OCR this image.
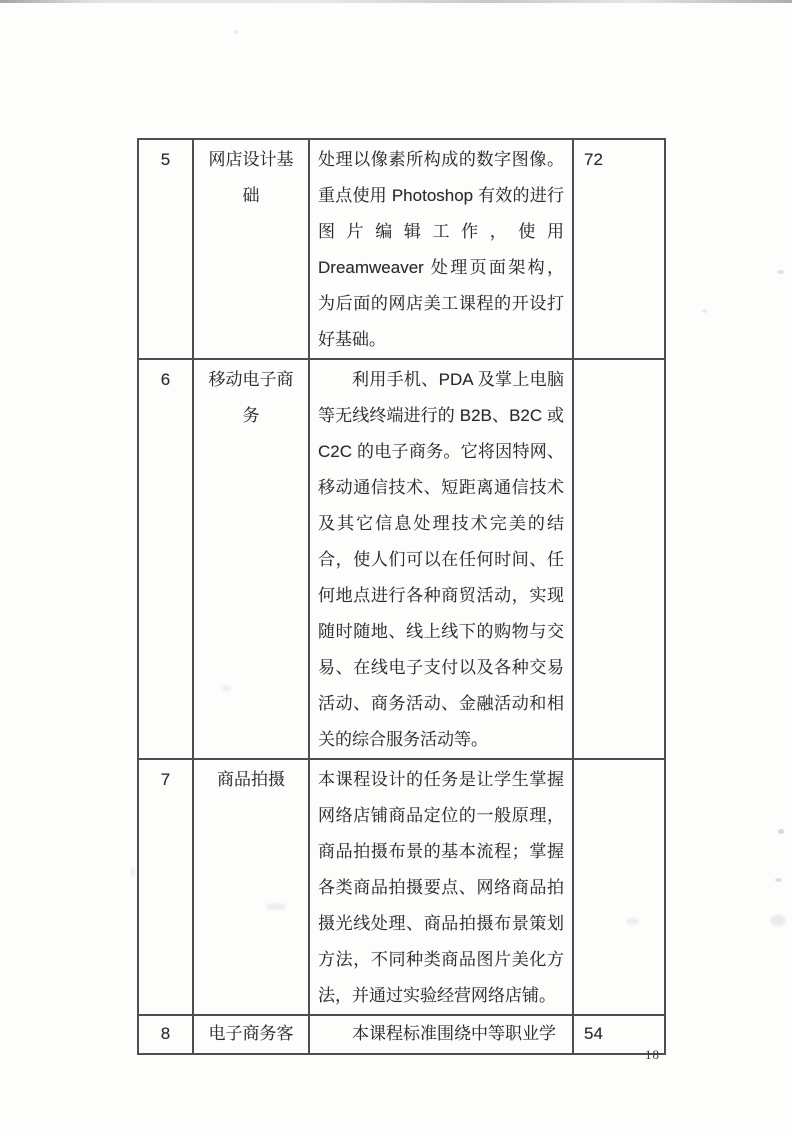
5	网店设计基础	处理以像素所构成的数字图像。重点使用 Photoshop 有效的进行图片编辑工作，使用 Dreamweaver 处理页面架构，为后面的网店美工课程的开设打好基础。	72
6	移动电子商务	利用手机、PDA 及掌上电脑等无线终端进行的 B2B、B2C 或 C2C 的电子商务。它将因特网、移动通信技术、短距离通信技术及其它信息处理技术完美的结合，使人们可以在任何时间、任何地点进行各种商贸活动，实现随时随地、线上线下的购物与交易、在线电子支付以及各种交易活动、商务活动、金融活动和相关的综合服务活动等。	

7	商品拍摄	本课程设计的任务是让学生掌握网络店铺商品定位的一般原理，商品拍摄布景的基本流程；掌握各类商品拍摄要点、网络商品拍摄光线处理、商品拍摄布景策划方法，不同种类商品图片美化方法，并通过实验经营网络店铺。	

8	电子商务客	本课程标准围绕中等职业学	54
18
